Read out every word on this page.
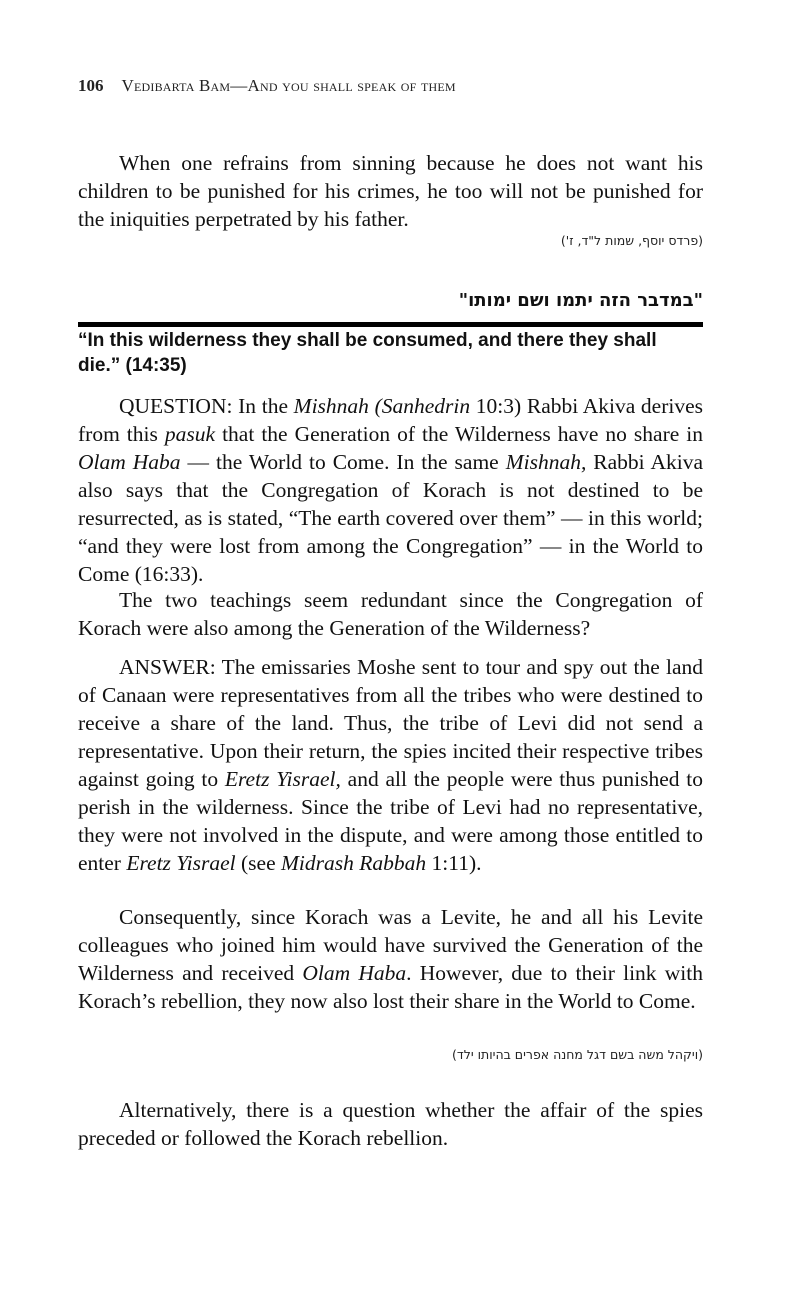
106 Vedibarta Bam—And you shall speak of them

When one refrains from sinning because he does not want his children to be punished for his crimes, he too will not be punished for the iniquities perpetrated by his father.

(פרדס יוסף, שמות ל"ד, ז')
"במדבר הזה יתמו ושם ימותו"
“In this wilderness they shall be consumed, and there they shall die.” (14:35)

QUESTION: In the Mishnah (Sanhedrin 10:3) Rabbi Akiva derives from this pasuk that the Generation of the Wilderness have no share in Olam Haba — the World to Come. In the same Mishnah, Rabbi Akiva also says that the Congregation of Korach is not destined to be resurrected, as is stated, “The earth covered over them” — in this world; “and they were lost from among the Congregation” — in the World to Come (16:33).

The two teachings seem redundant since the Congregation of Korach were also among the Generation of the Wilderness?

ANSWER: The emissaries Moshe sent to tour and spy out the land of Canaan were representatives from all the tribes who were destined to receive a share of the land. Thus, the tribe of Levi did not send a representative. Upon their return, the spies incited their respective tribes against going to Eretz Yisrael, and all the people were thus punished to perish in the wilderness. Since the tribe of Levi had no representative, they were not involved in the dispute, and were among those entitled to enter Eretz Yisrael (see Midrash Rabbah 1:11).

Consequently, since Korach was a Levite, he and all his Levite colleagues who joined him would have survived the Generation of the Wilderness and received Olam Haba. However, due to their link with Korach’s rebellion, they now also lost their share in the World to Come.

(ויקהל משה בשם דגל מחנה אפרים בהיותו ילד)

Alternatively, there is a question whether the affair of the spies preceded or followed the Korach rebellion.
